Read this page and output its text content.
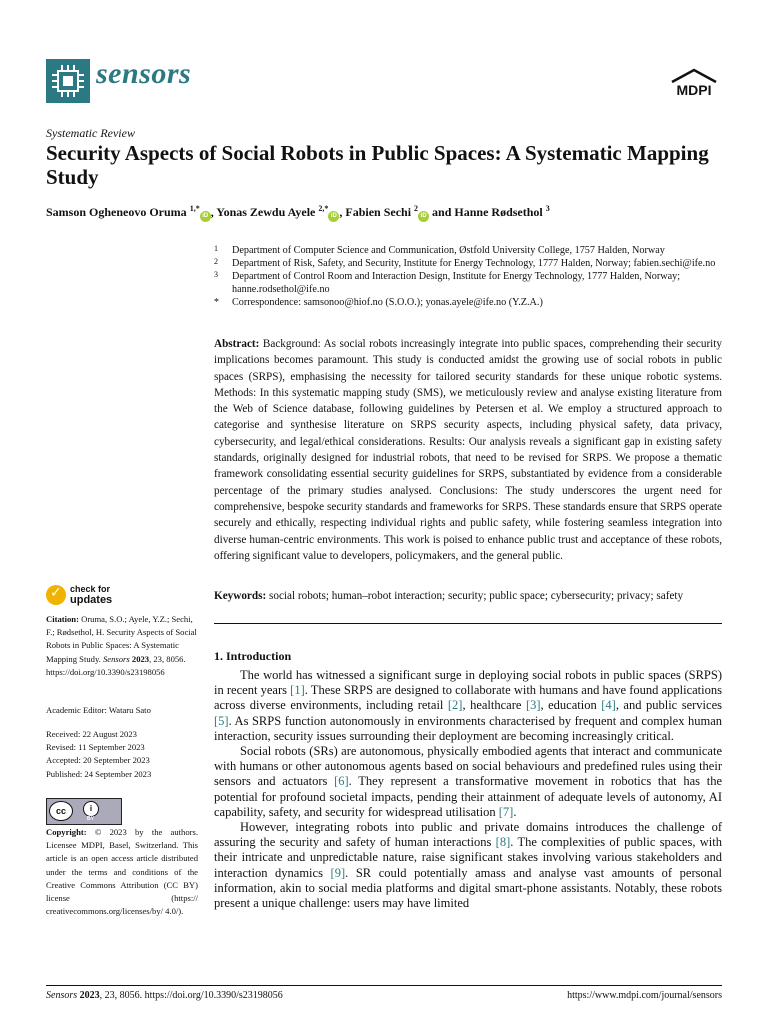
sensors	MDPI
Systematic Review
Security Aspects of Social Robots in Public Spaces: A Systematic Mapping Study
Samson Ogheneovo Oruma $^{1,*}$iD , Yonas Zewdu Ayele $^{2,*}$iD , Fabien Sechi $^2$iD and Hanne Rødsethol $^3$
1 Department of Computer Science and Communication, Østfold University College, 1757 Halden, Norway
2 Department of Risk, Safety, and Security, Institute for Energy Technology, 1777 Halden, Norway; fabien.sechi@ife.no
3 Department of Control Room and Interaction Design, Institute for Energy Technology, 1777 Halden, Norway; hanne.rodsethol@ife.no
* Correspondence: samsonoo@hiof.no (S.O.O.); yonas.ayele@ife.no (Y.Z.A.)
Abstract: Background: As social robots increasingly integrate into public spaces, comprehending their security implications becomes paramount. This study is conducted amidst the growing use of social robots in public spaces (SRPS), emphasising the necessity for tailored security standards for these unique robotic systems. Methods: In this systematic mapping study (SMS), we meticulously review and analyse existing literature from the Web of Science database, following guidelines by Petersen et al. We employ a structured approach to categorise and synthesise literature on SRPS security aspects, including physical safety, data privacy, cybersecurity, and legal/ethical considerations. Results: Our analysis reveals a significant gap in existing safety standards, originally designed for industrial robots, that need to be revised for SRPS. We propose a thematic framework consolidating essential security guidelines for SRPS, substantiated by evidence from a considerable percentage of the primary studies analysed. Conclusions: The study underscores the urgent need for comprehensive, bespoke security standards and frameworks for SRPS. These standards ensure that SRPS operate securely and ethically, respecting individual rights and public safety, while fostering seamless integration into diverse human-centric environments. This work is poised to enhance public trust and acceptance of these robots, offering significant value to developers, policymakers, and the general public.
Keywords: social robots; human–robot interaction; security; public space; cybersecurity; privacy; safety
✓ check for
updates
Citation: Oruma, S.O.; Ayele, Y.Z.; Sechi, F.; Rødsethol, H. Security Aspects of Social Robots in Public Spaces: A Systematic Mapping Study. Sensors 2023, 23, 8056. https://doi.org/10.3390/s23198056
Academic Editor: Wataru Sato
Received: 22 August 2023
Revised: 11 September 2023
Accepted: 20 September 2023
Published: 24 September 2023
cc	i
BY
Copyright: © 2023 by the authors. Licensee MDPI, Basel, Switzerland. This article is an open access article distributed under the terms and conditions of the Creative Commons Attribution (CC BY) license (https:// creativecommons.org/licenses/by/ 4.0/).
1. Introduction

The world has witnessed a significant surge in deploying social robots in public spaces (SRPS) in recent years [1]. These SRPS are designed to collaborate with humans and have found applications across diverse environments, including retail [2], healthcare [3], education [4], and public services [5]. As SRPS function autonomously in environments characterised by frequent and complex human interaction, security issues surrounding their deployment are becoming increasingly critical.

Social robots (SRs) are autonomous, physically embodied agents that interact and communicate with humans or other autonomous agents based on social behaviours and predefined rules using their sensors and actuators [6]. They represent a transformative movement in robotics that has the potential for profound societal impacts, pending their attainment of adequate levels of autonomy, AI capability, safety, and security for widespread utilisation [7].

However, integrating robots into public and private domains introduces the challenge of assuring the security and safety of human interactions [8]. The complexities of public spaces, with their intricate and unpredictable nature, raise significant stakes involving various stakeholders and interaction dynamics [9]. SR could potentially amass and analyse vast amounts of personal information, akin to social media platforms and digital smart-phone assistants. Notably, these robots present a unique challenge: users may have limited

Sensors 2023, 23, 8056. https://doi.org/10.3390/s23198056	https://www.mdpi.com/journal/sensors
